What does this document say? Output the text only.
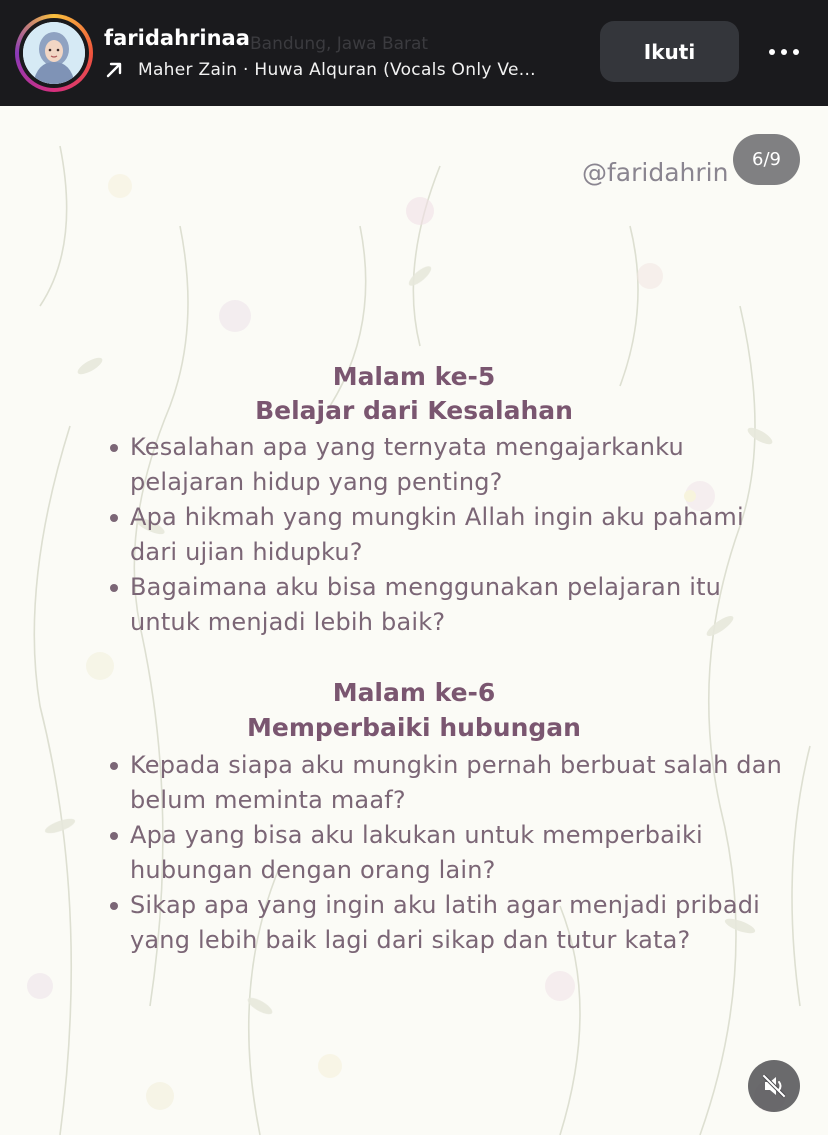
Bandung, Jawa Barat
faridahrinaa
Maher Zain · Huwa Alquran (Vocals Only Ve...
Ikuti
@faridahrin	6/9
Malam ke-5
Belajar dari Kesalahan
Kesalahan apa yang ternyata mengajarkanku pelajaran hidup yang penting?
Apa hikmah yang mungkin Allah ingin aku pahami dari ujian hidupku?
Bagaimana aku bisa menggunakan pelajaran itu untuk menjadi lebih baik?
Malam ke-6
Memperbaiki hubungan
Kepada siapa aku mungkin pernah berbuat salah dan belum meminta maaf?
Apa yang bisa aku lakukan untuk memperbaiki hubungan dengan orang lain?
Sikap apa yang ingin aku latih agar menjadi pribadi yang lebih baik lagi dari sikap dan tutur kata?
